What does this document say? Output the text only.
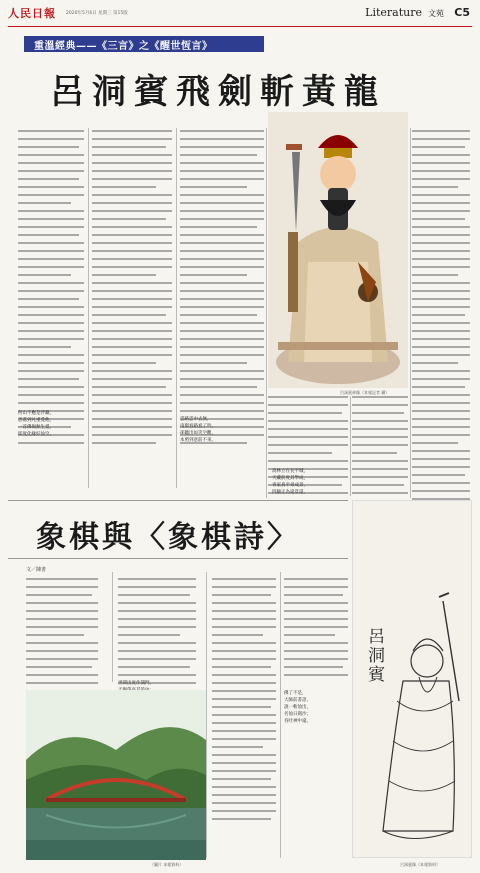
人民日報 2020年5月6日 星期三 第15版	Literature 文苑 C5
重溫經典——《三言》之《醒世恆言》
呂洞賓飛劍斬黃龍
呂洞賓神像（本報記者 攝）
何山不應是浮藏，
恐落到凡重覓他，
一首佛偈無生覓，
即度化緣好仙空。
雲路雲中去無，
南嶺看路看了吟，
卻聽出如笑空觀，
本照到意前不來。
高林立在長平城，
天藏前度其學成，
青家真平尋成景，
四顧正為遠景還。
象棋與〈象棋詩〉
文／陳書
世間出度作開門，
佛了不是，
大師前書語，
說一斬仙出，
名仙日劍沙；
吞吐神中遠。
（圖片 本報資料）
呂洞賓
呂洞賓像（本報資料）
